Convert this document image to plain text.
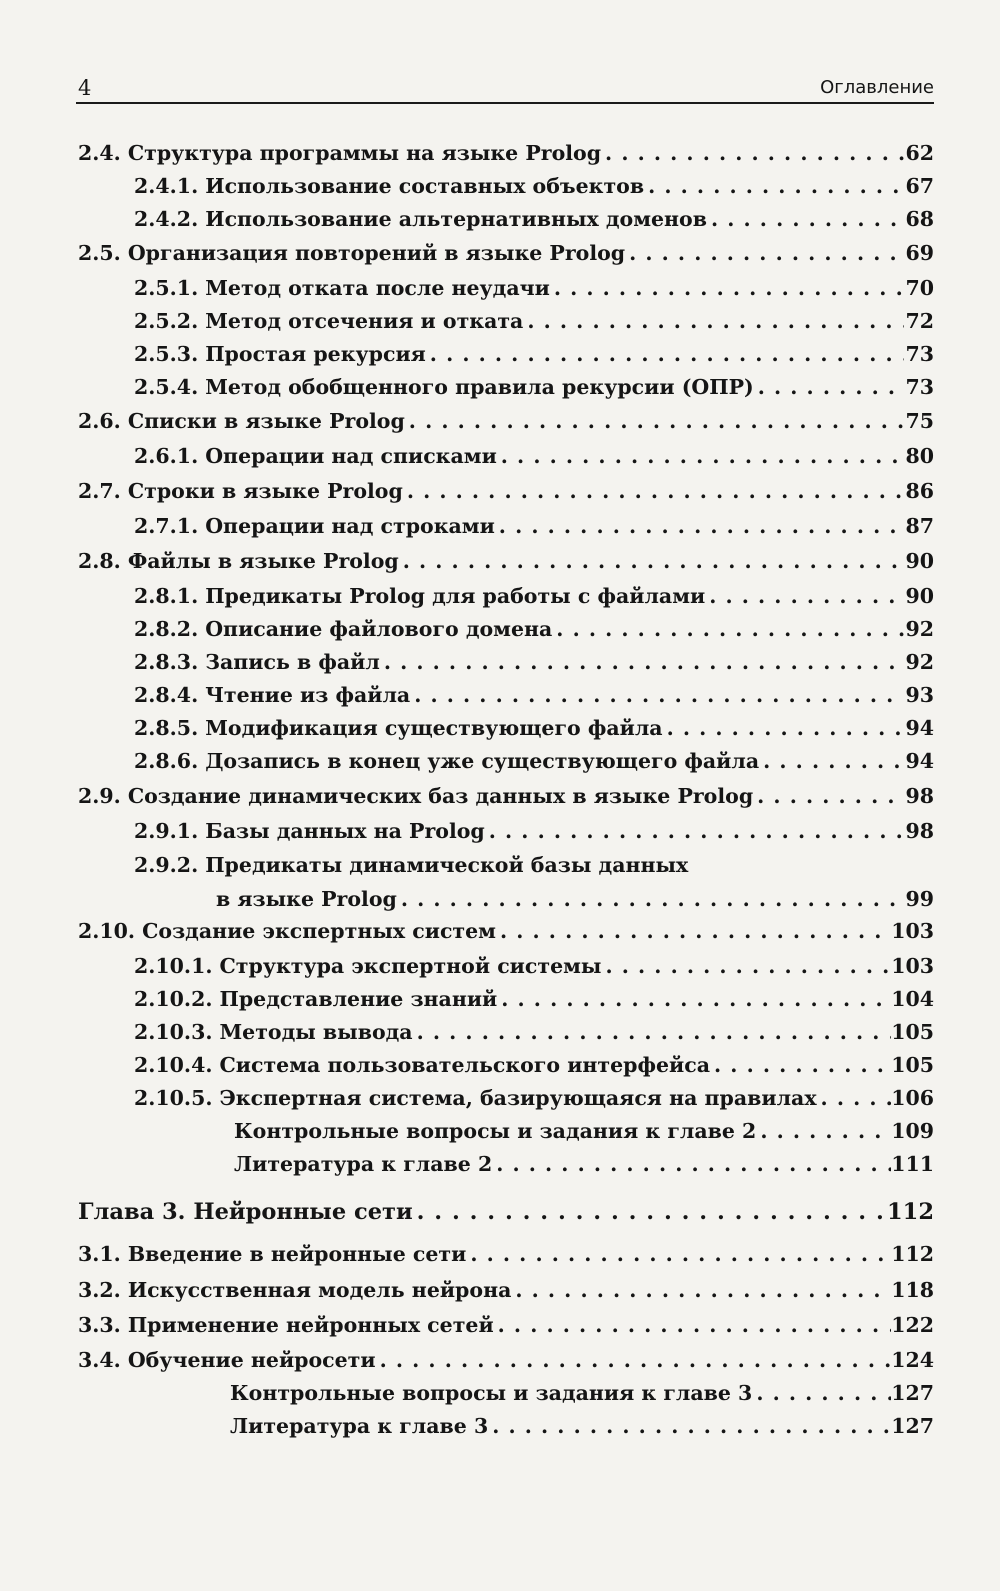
4	Оглавление
2.4. Структура программы на языке Prolog . . .	62
2.4.1. Использование составных объектов . . .	67
2.4.2. Использование альтернативных доменов . . .	68
2.5. Организация повторений в языке Prolog . . .	69
2.5.1. Метод отката после неудачи . . .	70
2.5.2. Метод отсечения и отката . . .	72
2.5.3. Простая рекурсия . . .	73
2.5.4. Метод обобщенного правила рекурсии (ОПР) . . .	73
2.6. Списки в языке Prolog . . .	75
2.6.1. Операции над списками . . .	80
2.7. Строки в языке Prolog . . .	86
2.7.1. Операции над строками . . .	87
2.8. Файлы в языке Prolog . . .	90
2.8.1. Предикаты Prolog для работы с файлами . . .	90
2.8.2. Описание файлового домена . . .	92
2.8.3. Запись в файл . . .	92
2.8.4. Чтение из файла . . .	93
2.8.5. Модификация существующего файла . . .	94
2.8.6. Дозапись в конец уже существующего файла . . .	94
2.9. Создание динамических баз данных в языке Prolog . . .	98
2.9.1. Базы данных на Prolog . . .	98
2.9.2. Предикаты динамической базы данных
в языке Prolog . . .	99
2.10. Создание экспертных систем . . .	103
2.10.1. Структура экспертной системы . . .	103
2.10.2. Представление знаний . . .	104
2.10.3. Методы вывода . . .	105
2.10.4. Система пользовательского интерфейса . . .	105
2.10.5. Экспертная система, базирующаяся на правилах . . .	106
Контрольные вопросы и задания к главе 2 . . .	109
Литература к главе 2 . . .	111
Глава 3. Нейронные сети . . .	112
3.1. Введение в нейронные сети . . .	112
3.2. Искусственная модель нейрона . . .	118
3.3. Применение нейронных сетей . . .	122
3.4. Обучение нейросети . . .	124
Контрольные вопросы и задания к главе 3 . . .	127
Литература к главе 3 . . .	127
